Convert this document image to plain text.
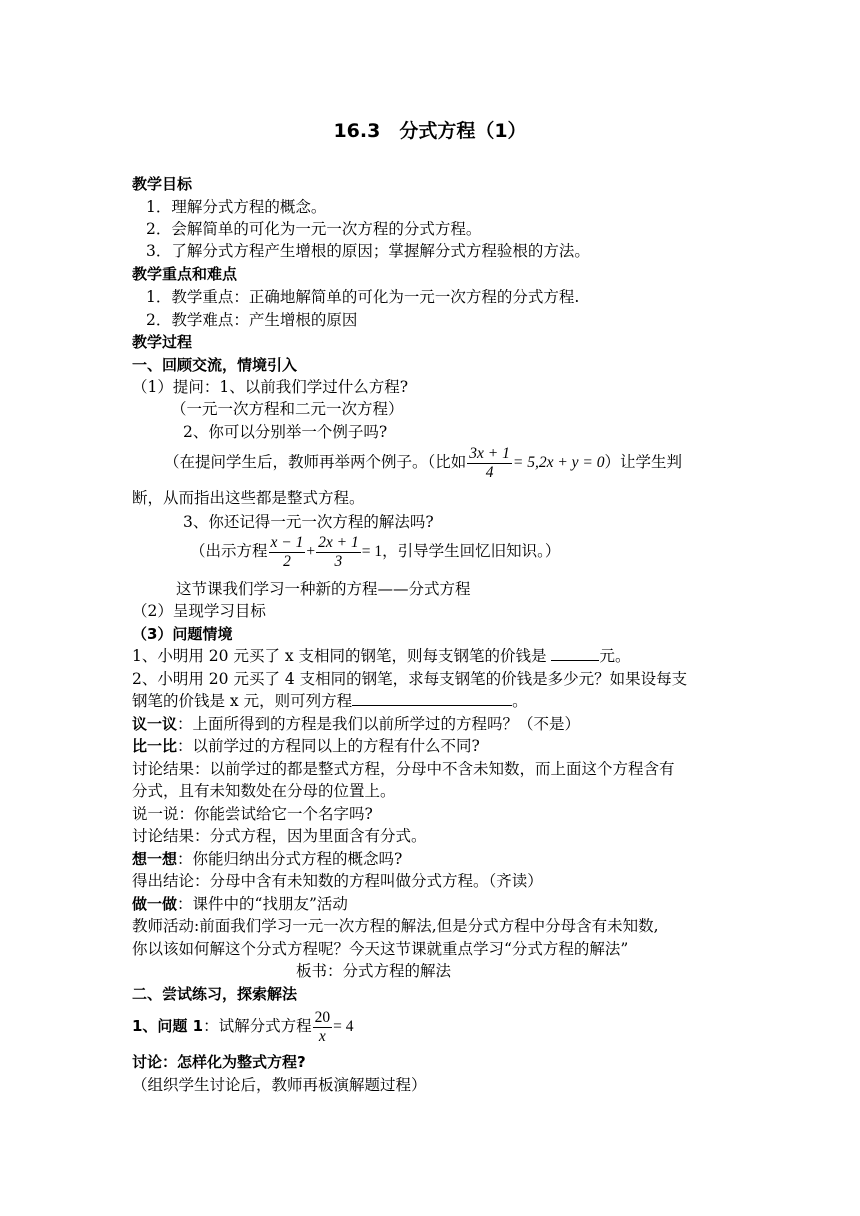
16.3　分式方程（1）
教学目标
1．理解分式方程的概念。
2．会解简单的可化为一元一次方程的分式方程。
3．了解分式方程产生增根的原因；掌握解分式方程验根的方法。
教学重点和难点
1．教学重点：正确地解简单的可化为一元一次方程的分式方程.
2．教学难点：产生增根的原因
教学过程
一、回顾交流，情境引入
（1）提问：1、以前我们学过什么方程?
（一元一次方程和二元一次方程）
2、你可以分别举一个例子吗?
（在提问学生后，教师再举两个例子。（比如 $\frac{3x + 1}{4} = 5,2x + y = 0$）让学生判
断，从而指出这些都是整式方程。
3、你还记得一元一次方程的解法吗?
（出示方程 $\frac{x - 1}{2} + \frac{2x + 1}{3} = 1$，引导学生回忆旧知识。）
这节课我们学习一种新的方程——分式方程
（2）呈现学习目标
（3）问题情境
1、小明用 20 元买了 x 支相同的钢笔，则每支钢笔的价钱是	元。
2、小明用 20 元买了 4 支相同的钢笔，求每支钢笔的价钱是多少元？如果设每支
钢笔的价钱是 x 元，则可列方程	。
议一议：上面所得到的方程是我们以前所学过的方程吗？（不是）
比一比：以前学过的方程同以上的方程有什么不同?
讨论结果：以前学过的都是整式方程，分母中不含未知数，而上面这个方程含有
分式，且有未知数处在分母的位置上。
说一说：你能尝试给它一个名字吗?
讨论结果：分式方程，因为里面含有分式。
想一想：你能归纳出分式方程的概念吗?
得出结论：分母中含有未知数的方程叫做分式方程。（齐读）
做一做：课件中的“找朋友”活动
教师活动:前面我们学习一元一次方程的解法,但是分式方程中分母含有未知数,
你以该如何解这个分式方程呢？今天这节课就重点学习“分式方程的解法”
板书：分式方程的解法
二、尝试练习，探索解法
1、问题 1：试解分式方程 $\frac{20}{x} = 4$
讨论：怎样化为整式方程?
（组织学生讨论后，教师再板演解题过程）
